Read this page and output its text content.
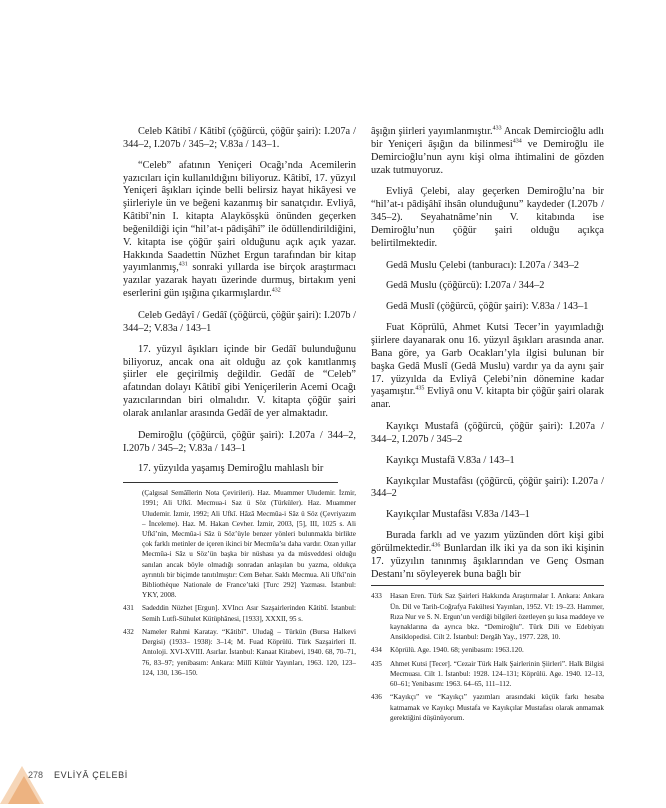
Celeb Kâtibî / Kâtibî (çöğürcü, çöğür şairi): I.207a / 344–2, I.207b / 345–2; V.83a / 143–1.

“Celeb” afatının Yeniçeri Ocağı’nda Acemilerin yazıcıları için kullanıldığını biliyoruz. Kâtibî, 17. yüzyıl Yeniçeri âşıkları içinde belli belirsiz hayat hikâyesi ve şiirleriyle ün ve beğeni kazanmış bir sanatçıdır. Evliyâ, Kâtibî’nin I. kitapta Alaykösşkü önünden geçerken beğenildiği için “hil’at-ı pâdişâhî” ile ödüllendirildiğini, V. kitapta ise çöğür şairi olduğunu açık açık yazar. Hakkında Saadettin Nüzhet Ergun tarafından bir kitap yayımlanmış,$^{431}$ sonraki yıllarda ise birçok araştırmacı yazılar yazarak hayatı üzerinde durmuş, birtakım yeni eserlerini gün ışığına çıkarmışlardır.$^{432}$

Celeb Gedâyî / Gedâî (çöğürcü, çöğür şairi): I.207b / 344–2; V.83a / 143–1

17. yüzyıl âşıkları içinde bir Gedâî bulunduğunu biliyoruz, ancak ona ait olduğu az çok kanıtlanmış şiirler ele geçirilmiş değildir. Gedâî de “Celeb” afatından dolayı Kâtibî gibi Yeniçerilerin Acemi Ocağı yazıcılarından biri olmalıdır. V. kitapta çöğür şairi olarak anılanlar arasında Gedâî de yer almaktadır.

Demiroğlu (çöğürcü, çöğür şairi): I.207a / 344–2, I.207b / 345–2; V.83a / 143–1

17. yüzyılda yaşamış Demiroğlu mahlaslı bir

(Çalgısal Semâîlerin Nota Çevirileri). Haz. Muammer Uludemir. İzmir, 1991; Ali Ufkî. Mecmua-i Saz ü Söz (Türküler). Haz. Muammer Uludemir. İzmir, 1992; Ali Ufkî. Hâzâ Mecmûa-i Sâz ü Söz (Çevriyazım – İnceleme). Haz. M. Hakan Cevher. İzmir, 2003, [5], III, 1025 s. Ali Ufkî’nin, Mecmûa-i Sâz ü Söz’üyle benzer yönleri bulunmakla birlikte çok farklı metinler de içeren ikinci bir Mecmûa’sı daha vardır. Ozan yıllar Mecmûa-i Sâz u Söz’ün başka bir nüshası ya da müsveddesi olduğu sanılan ancak böyle olmadığı sonradan anlaşılan bu yazma, oldukça ayrıntılı bir biçimde tanıtılmıştır: Cem Behar. Saklı Mecmua. Ali Ufkî’nin Bibliothèque Nationale de France’taki [Turc 292] Yazması. İstanbul: YKY, 2008.
431	Sadeddin Nüzhet [Ergun]. XVIncı Asır Sazşairlerinden Kâtibî. İstanbul: Semih Lutfi-Sühulet Kütüphânesi, [1933], XXXII, 95 s.
432	Nameler Rahmi Karatay. “Kâtibî”. Uludağ – Türkün (Bursa Halkevi Dergisi) (1933– 1938): 3–14; M. Fuad Köprülü. Türk Sazşairleri II. Antoloji. XVI-XVIII. Asırlar. İstanbul: Kanaat Kitabevi, 1940. 68, 70–71, 76, 83–97; yenibasım: Ankara: Millî Kültür Yayınları, 1963. 120, 123–124, 130, 136–150.

âşığın şiirleri yayımlanmıştır.$^{433}$ Ancak Demircioğlu adlı bir Yeniçeri âşığın da bilinmesi$^{434}$ ve Demiroğlu ile Demircioğlu’nun aynı kişi olma ihtimalini de gözden uzak tutmuyoruz.

Evliyâ Çelebi, alay geçerken Demiroğlu’na bir “hil’at-ı pâdişâhî ihsân olunduğunu” kaydeder (I.207b / 345–2). Seyahatnâme’nin V. kitabında ise Demiroğlu’nun çöğür şairi olduğu açıkça belirtilmektedir.

Gedâ Muslu Çelebi (tanburacı): I.207a / 343–2

Gedâ Muslu (çöğürcü): I.207a / 344–2

Gedâ Muslî (çöğürcü, çöğür şairi): V.83a / 143–1

Fuat Köprülü, Ahmet Kutsi Tecer’in yayımladığı şiirlere dayanarak onu 16. yüzyıl âşıkları arasında anar. Bana göre, ya Garb Ocakları’yla ilgisi bulunan bir başka Gedâ Muslî (Gedâ Muslu) vardır ya da aynı şair 17. yüzyılda da Evliyâ Çelebi’nin dönemine kadar yaşamıştır.$^{435}$ Evliyâ onu V. kitapta bir çöğür şairi olarak anar.

Kayıkçı Mustafâ (çöğürcü, çöğür şairi): I.207a / 344–2, I.207b / 345–2

Kayıkçı Mustafâ V.83a / 143–1

Kayıkçılar Mustafâsı (çöğürcü, çöğür şairi): I.207a / 344–2

Kayıkçılar Mustafâsı V.83a /143–1

Burada farklı ad ve yazım yüzünden dört kişi gibi görülmektedir.$^{436}$ Bunlardan ilk iki ya da son iki kişinin 17. yüzyılın tanınmış âşıklarından ve Genç Osman Destanı’nı söyleyerek buna bağlı bir

433	Hasan Eren. Türk Saz Şairleri Hakkında Araştırmalar I. Ankara: Ankara Ün. Dil ve Tarih-Coğrafya Fakültesi Yayınları, 1952. VI: 19–23. Hammer, Rıza Nur ve S. N. Ergun’un verdiği bilgileri özetleyen şu kısa maddeye ve kaynaklarına da ayrıca bkz. “Demiroğlu”. Türk Dili ve Edebiyatı Ansiklopedisi. Cilt 2. İstanbul: Dergâh Yay., 1977. 228, 10.
434	Köprülü. Age. 1940. 68; yenibasım: 1963.120.
435	Ahmet Kutsi [Tecer]. “Cezair Türk Halk Şairlerinin Şiirleri”. Halk Bilgisi Mecmuası. Cilt 1. İstanbul: 1928. 124–131; Köprülü. Age. 1940. 12–13, 60–61; Yenibasım: 1963. 64–65, 111–112.
436	“Kayıkçı” ve “Kayıkçı” yazımları arasındaki küçük farkı hesaba katmamak ve Kayıkçı Mustafa ve Kayıkçılar Mustafası olarak anmamak gerektiğini düşünüyorum.
278 EVLİYÂ ÇELEBİ
